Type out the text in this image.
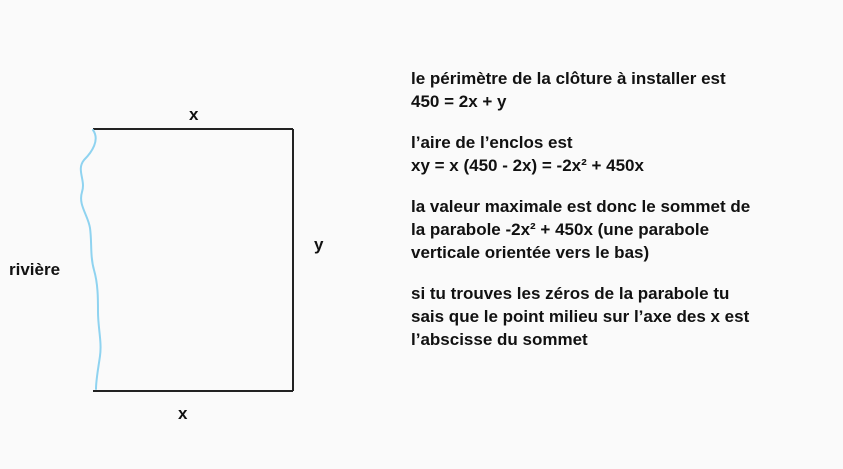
x
y
rivière
x
le périmètre de la clôture à installer est
450 = 2x + y
l’aire de l’enclos est
xy = x (450 - 2x) = -2x² + 450x
la valeur maximale est donc le sommet de
la parabole -2x² + 450x (une parabole
verticale orientée vers le bas)
si tu trouves les zéros de la parabole tu
sais que le point milieu sur l’axe des x est
l’abscisse du sommet
